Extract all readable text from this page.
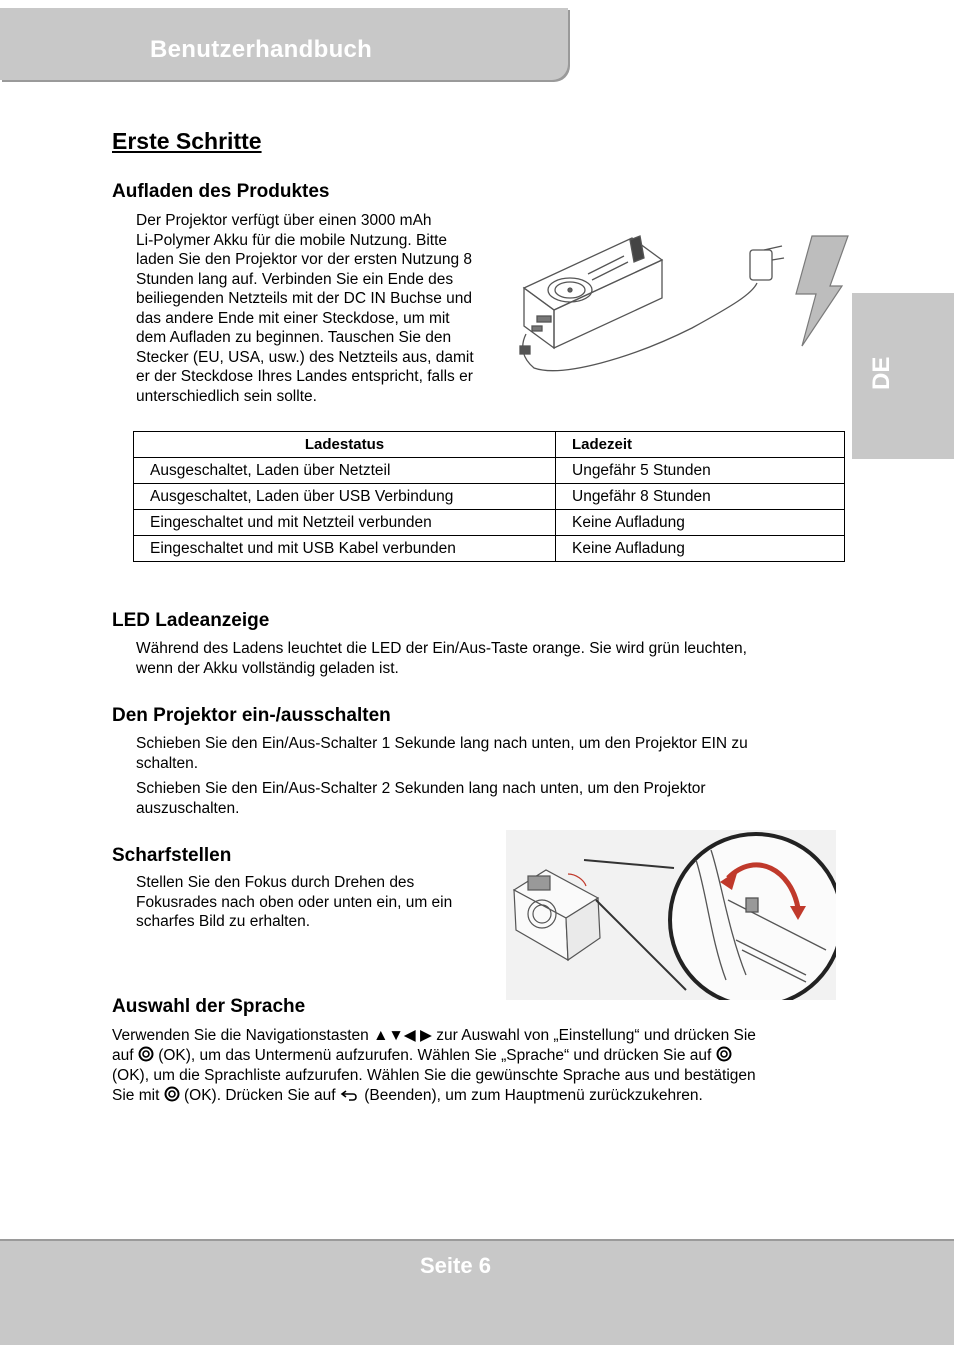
Benutzerhandbuch
DE
Erste Schritte
Aufladen des Produktes
Der Projektor verfügt über einen 3000 mAh
Li-Polymer Akku für die mobile Nutzung. Bitte
laden Sie den Projektor vor der ersten Nutzung 8
Stunden lang auf. Verbinden Sie ein Ende des
beiliegenden Netzteils mit der DC IN Buchse und
das andere Ende mit einer Steckdose, um mit
dem Aufladen zu beginnen. Tauschen Sie den
Stecker (EU, USA, usw.) des Netzteils aus, damit
er der Steckdose Ihres Landes entspricht, falls er
unterschiedlich sein sollte.
Ladestatus	Ladezeit
Ausgeschaltet, Laden über Netzteil	Ungefähr 5 Stunden
Ausgeschaltet, Laden über USB Verbindung	Ungefähr 8 Stunden
Eingeschaltet und mit Netzteil verbunden	Keine Aufladung
Eingeschaltet und mit USB Kabel verbunden	Keine Aufladung
LED Ladeanzeige
Während des Ladens leuchtet die LED der Ein/Aus-Taste orange. Sie wird grün leuchten,
wenn der Akku vollständig geladen ist.
Den Projektor ein-/ausschalten
Schieben Sie den Ein/Aus-Schalter 1 Sekunde lang nach unten, um den Projektor EIN zu
schalten.
Schieben Sie den Ein/Aus-Schalter 2 Sekunden lang nach unten, um den Projektor
auszuschalten.
Scharfstellen
Stellen Sie den Fokus durch Drehen des
Fokusrades nach oben oder unten ein, um ein
scharfes Bild zu erhalten.
Auswahl der Sprache
Verwenden Sie die Navigationstasten ▲▼◀ ▶ zur Auswahl von „Einstellung“ und drücken Sie
auf (OK), um das Untermenü aufzurufen. Wählen Sie „Sprache“ und drücken Sie auf
(OK), um die Sprachliste aufzurufen. Wählen Sie die gewünschte Sprache aus und bestätigen
Sie mit (OK). Drücken Sie auf (Beenden), um zum Hauptmenü zurückzukehren.
Seite 6
